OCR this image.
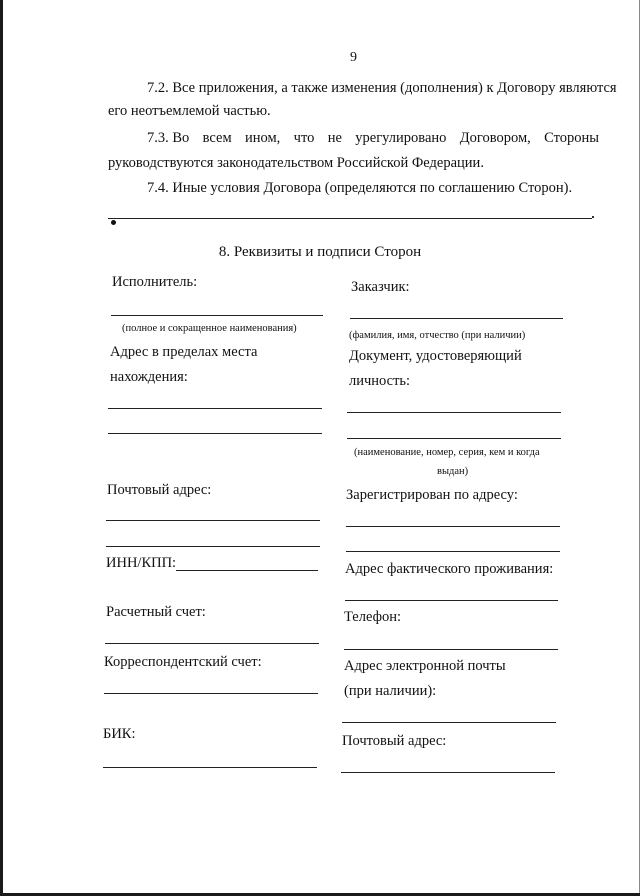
9
7.2. Все приложения, а также изменения (дополнения) к Договору являются
его неотъемлемой частью.
7.3. Во всем ином, что не урегулировано Договором, Стороны
руководствуются законодательством Российской Федерации.
7.4. Иные условия Договора (определяются по соглашению Сторон).
8. Реквизиты и подписи Сторон
Исполнитель:
(полное и сокращенное наименования)
Адрес в пределах места
нахождения:
Почтовый адрес:
ИНН/КПП:
Расчетный счет:
Корреспондентский счет:
БИК:
Заказчик:
(фамилия, имя, отчество (при наличии)
Документ, удостоверяющий
личность:
(наименование, номер, серия, кем и когда
выдан)
Зарегистрирован по адресу:
Адрес фактического проживания:
Телефон:
Адрес электронной почты
(при наличии):
Почтовый адрес:
